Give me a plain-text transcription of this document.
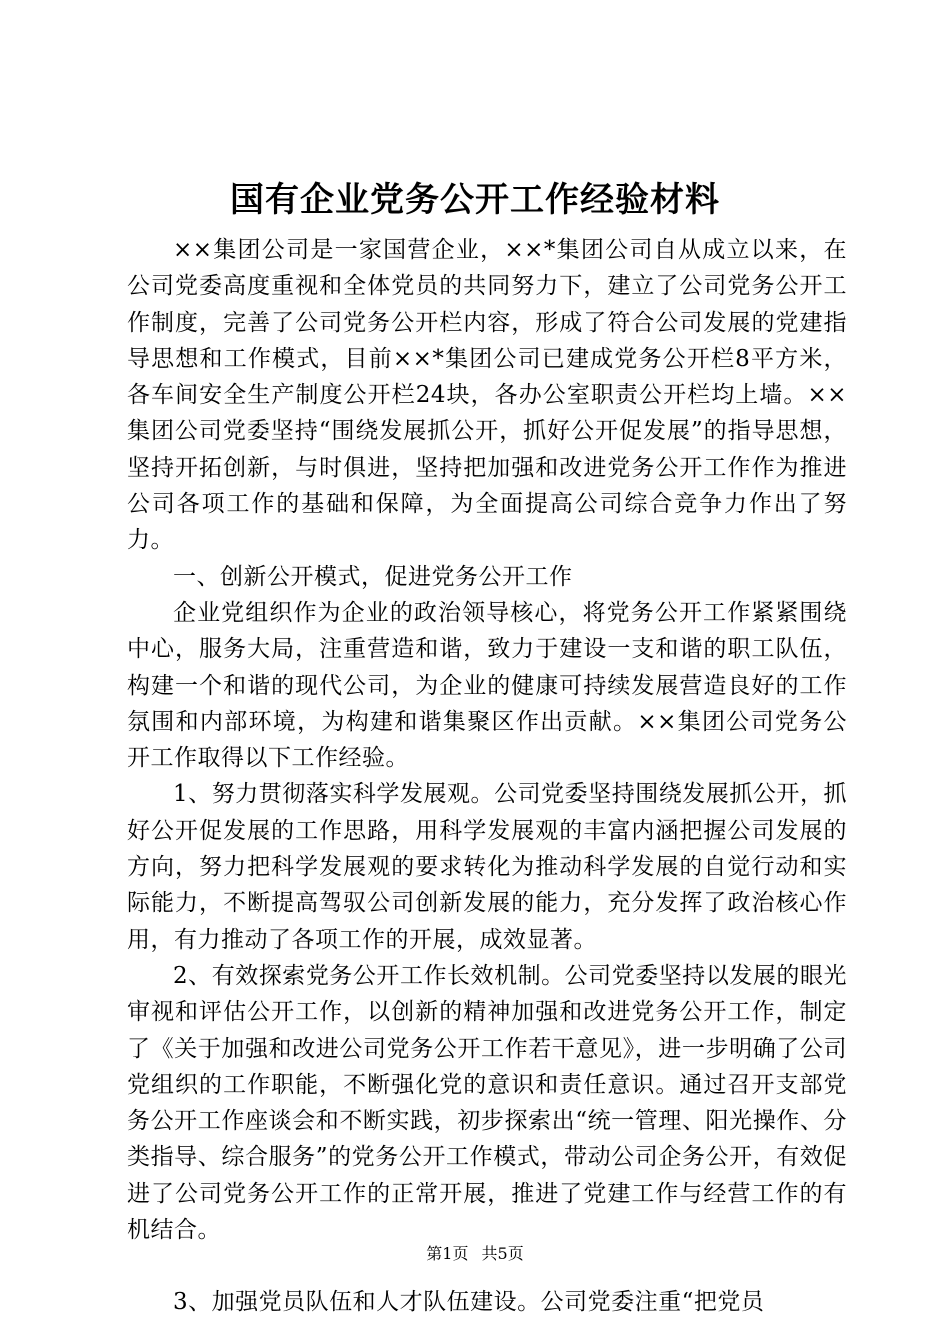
国有企业党务公开工作经验材料

××集团公司是一家国营企业，××*集团公司自从成立以来，在公司党委高度重视和全体党员的共同努力下，建立了公司党务公开工作制度，完善了公司党务公开栏内容，形成了符合公司发展的党建指导思想和工作模式，目前××*集团公司已建成党务公开栏8平方米，各车间安全生产制度公开栏24块，各办公室职责公开栏均上墙。××集团公司党委坚持“围绕发展抓公开，抓好公开促发展”的指导思想，坚持开拓创新，与时俱进，坚持把加强和改进党务公开工作作为推进公司各项工作的基础和保障，为全面提高公司综合竞争力作出了努力。

一、创新公开模式，促进党务公开工作

企业党组织作为企业的政治领导核心，将党务公开工作紧紧围绕中心，服务大局，注重营造和谐，致力于建设一支和谐的职工队伍，构建一个和谐的现代公司，为企业的健康可持续发展营造良好的工作氛围和内部环境，为构建和谐集聚区作出贡献。××集团公司党务公开工作取得以下工作经验。

1、努力贯彻落实科学发展观。公司党委坚持围绕发展抓公开，抓好公开促发展的工作思路，用科学发展观的丰富内涵把握公司发展的方向，努力把科学发展观的要求转化为推动科学发展的自觉行动和实际能力，不断提高驾驭公司创新发展的能力，充分发挥了政治核心作用，有力推动了各项工作的开展，成效显著。

2、有效探索党务公开工作长效机制。公司党委坚持以发展的眼光审视和评估公开工作，以创新的精神加强和改进党务公开工作，制定了《关于加强和改进公司党务公开工作若干意见》，进一步明确了公司党组织的工作职能，不断强化党的意识和责任意识。通过召开支部党务公开工作座谈会和不断实践，初步探索出“统一管理、阳光操作、分类指导、综合服务”的党务公开工作模式，带动公司企务公开，有效促进了公司党务公开工作的正常开展，推进了党建工作与经营工作的有机结合。

3、加强党员队伍和人才队伍建设。公司党委注重“把党员

第1页 共5页
